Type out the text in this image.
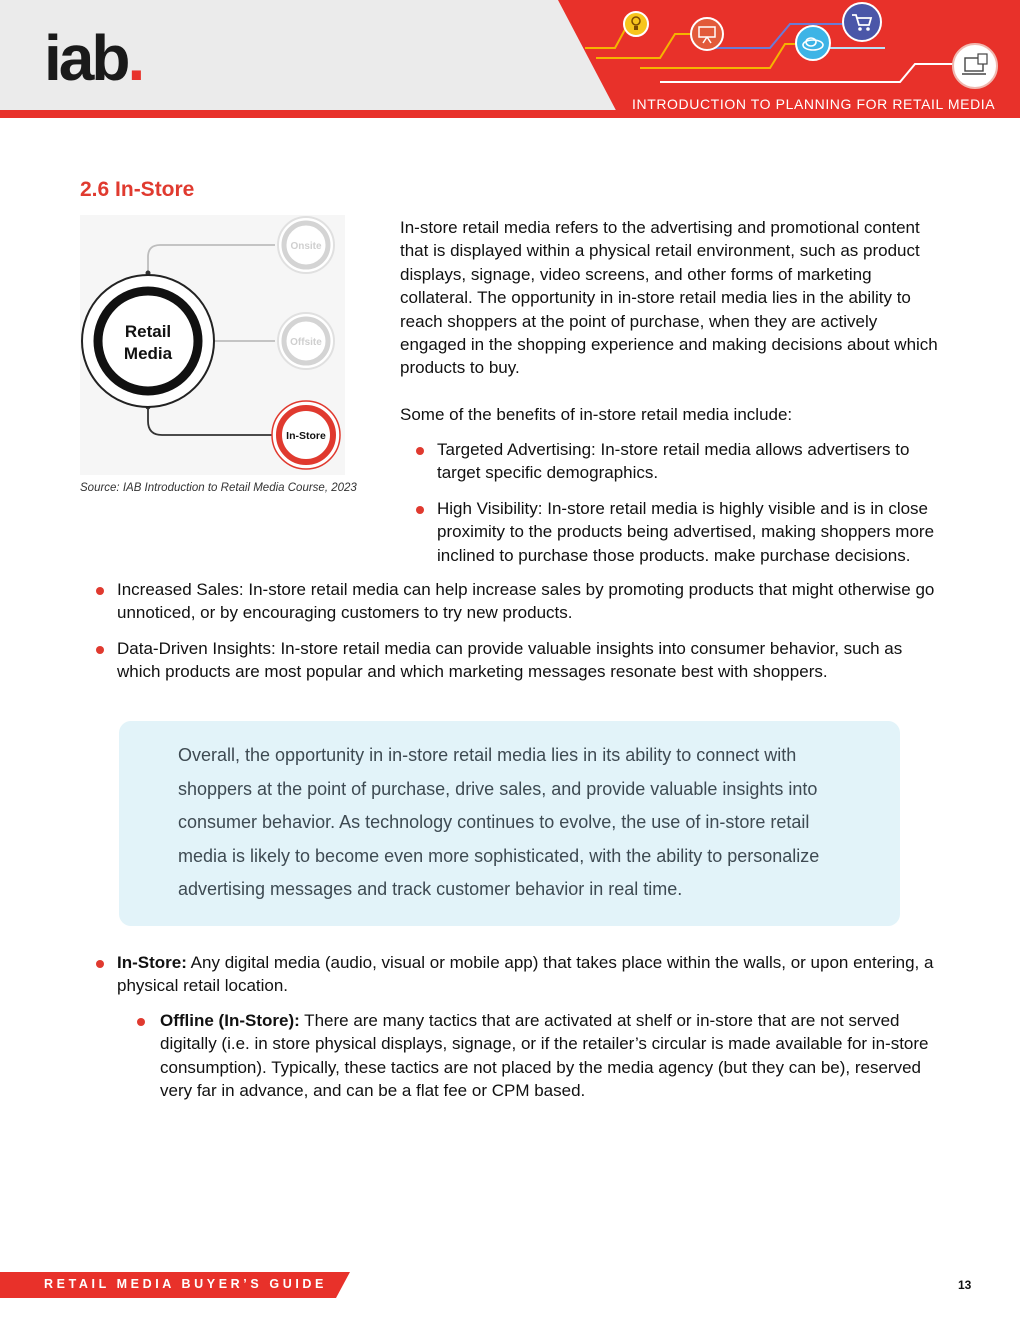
iab.
INTRODUCTION TO PLANNING FOR RETAIL MEDIA
2.6 In-Store
Retail
Media
Onsite
Offsite
In-Store
Source: IAB Introduction to Retail Media Course, 2023
In-store retail media refers to the advertising and promotional content that is displayed within a physical retail environment, such as product displays, signage, video screens, and other forms of marketing collateral. The opportunity in in-store retail media lies in the ability to reach shoppers at the point of purchase, when they are actively engaged in the shopping experience and making decisions about which products to buy.
Some of the benefits of in-store retail media include:
Targeted Advertising: In-store retail media allows advertisers to target specific demographics.
High Visibility: In-store retail media is highly visible and is in close proximity to the products being advertised, making shoppers more inclined to purchase those products. make purchase decisions.
Increased Sales: In-store retail media can help increase sales by promoting products that might otherwise go unnoticed, or by encouraging customers to try new products.
Data-Driven Insights: In-store retail media can provide valuable insights into consumer behavior, such as which products are most popular and which marketing messages resonate best with shoppers.
Overall, the opportunity in in-store retail media lies in its ability to connect with shoppers at the point of purchase, drive sales, and provide valuable insights into consumer behavior. As technology continues to evolve, the use of in-store retail media is likely to become even more sophisticated, with the ability to personalize advertising messages and track customer behavior in real time.
In-Store: Any digital media (audio, visual or mobile app) that takes place within the walls, or upon entering, a physical retail location.
Offline (In-Store): There are many tactics that are activated at shelf or in-store that are not served digitally (i.e. in store physical displays, signage, or if the retailer’s circular is made available for in-store consumption). Typically, these tactics are not placed by the media agency (but they can be), reserved very far in advance, and can be a flat fee or CPM based.
RETAIL MEDIA BUYER’S GUIDE	13
